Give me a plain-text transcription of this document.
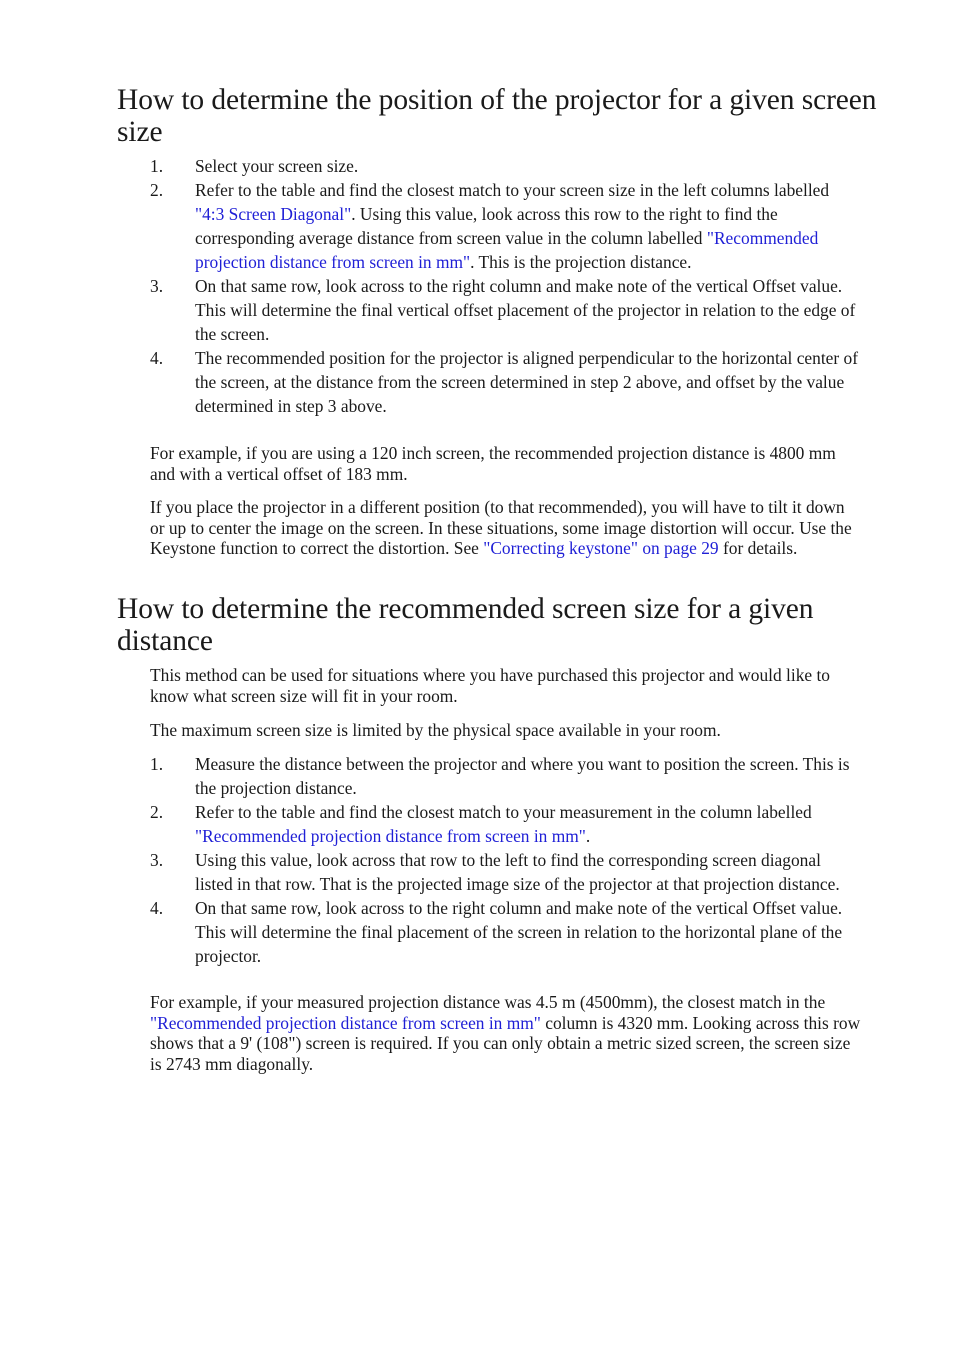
How to determine the position of the projector for a given screen size
1. Select your screen size.
2. Refer to the table and find the closest match to your screen size in the left columns labelled "4:3 Screen Diagonal". Using this value, look across this row to the right to find the corresponding average distance from screen value in the column labelled "Recommended projection distance from screen in mm". This is the projection distance.
3. On that same row, look across to the right column and make note of the vertical Offset value. This will determine the final vertical offset placement of the projector in relation to the edge of the screen.
4. The recommended position for the projector is aligned perpendicular to the horizontal center of the screen, at the distance from the screen determined in step 2 above, and offset by the value determined in step 3 above.

For example, if you are using a 120 inch screen, the recommended projection distance is 4800 mm and with a vertical offset of 183 mm.

If you place the projector in a different position (to that recommended), you will have to tilt it down or up to center the image on the screen. In these situations, some image distortion will occur. Use the Keystone function to correct the distortion. See "Correcting keystone" on page 29 for details.

How to determine the recommended screen size for a given distance

This method can be used for situations where you have purchased this projector and would like to know what screen size will fit in your room.

The maximum screen size is limited by the physical space available in your room.

1. Measure the distance between the projector and where you want to position the screen. This is the projection distance.
2. Refer to the table and find the closest match to your measurement in the column labelled "Recommended projection distance from screen in mm".
3. Using this value, look across that row to the left to find the corresponding screen diagonal listed in that row. That is the projected image size of the projector at that projection distance.
4. On that same row, look across to the right column and make note of the vertical Offset value. This will determine the final placement of the screen in relation to the horizontal plane of the projector.

For example, if your measured projection distance was 4.5 m (4500mm), the closest match in the "Recommended projection distance from screen in mm" column is 4320 mm. Looking across this row shows that a 9' (108") screen is required. If you can only obtain a metric sized screen, the screen size is 2743 mm diagonally.
